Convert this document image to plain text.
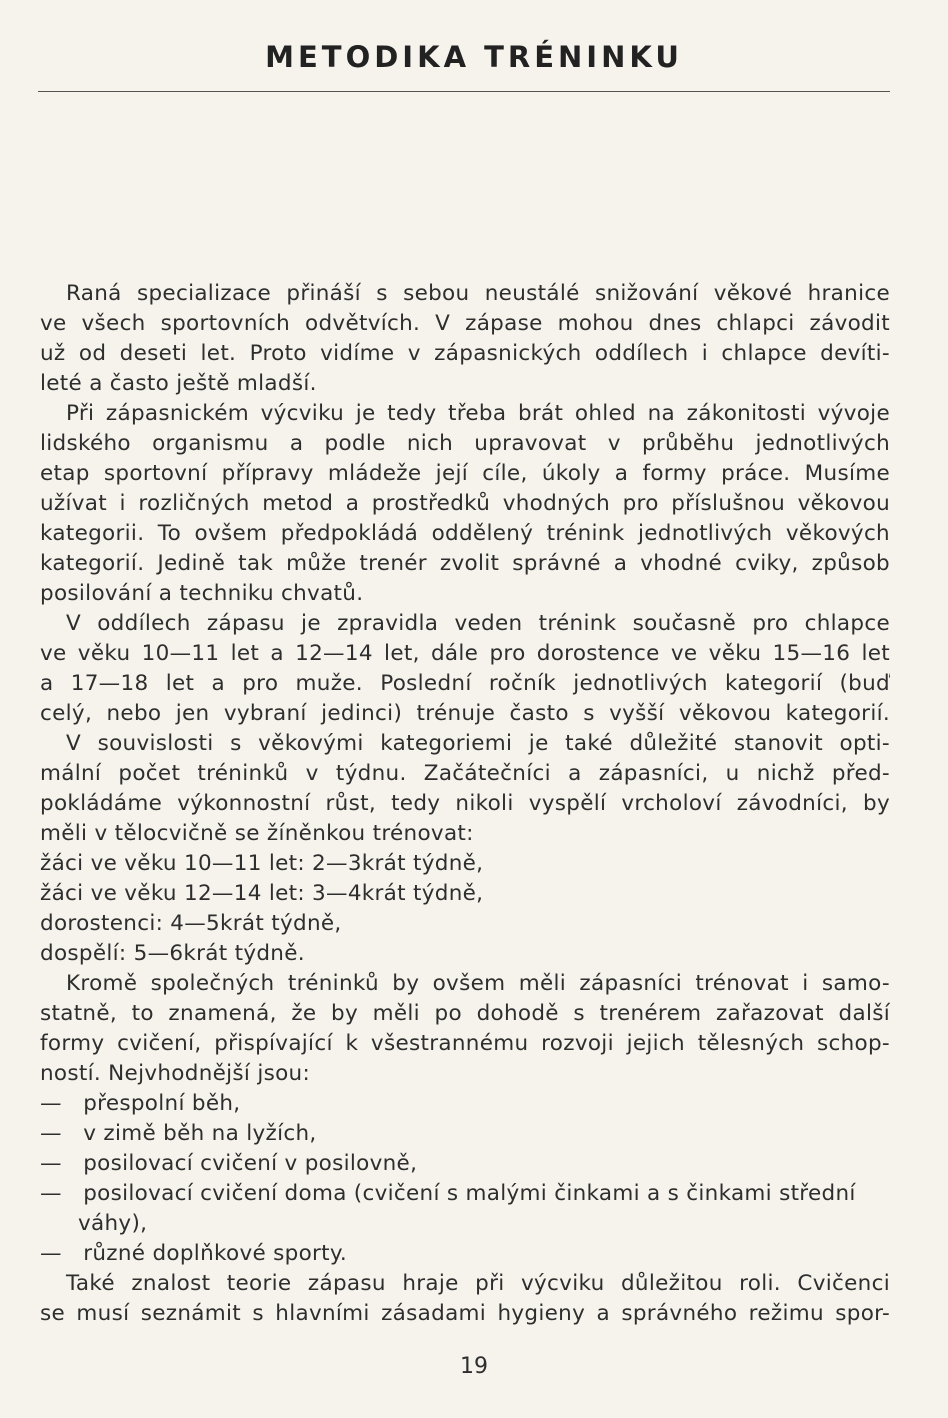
METODIKA TRÉNINKU
Raná specializace přináší s sebou neustálé snižování věkové hranice
ve všech sportovních odvětvích. V zápase mohou dnes chlapci závodit
už od deseti let. Proto vidíme v zápasnických oddílech i chlapce devíti-
leté a často ještě mladší.
Při zápasnickém výcviku je tedy třeba brát ohled na zákonitosti vývoje
lidského organismu a podle nich upravovat v průběhu jednotlivých
etap sportovní přípravy mládeže její cíle, úkoly a formy práce. Musíme
užívat i rozličných metod a prostředků vhodných pro příslušnou věkovou
kategorii. To ovšem předpokládá oddělený trénink jednotlivých věkových
kategorií. Jedině tak může trenér zvolit správné a vhodné cviky, způsob
posilování a techniku chvatů.
V oddílech zápasu je zpravidla veden trénink současně pro chlapce
ve věku 10—11 let a 12—14 let, dále pro dorostence ve věku 15—16 let
a 17—18 let a pro muže. Poslední ročník jednotlivých kategorií (buď
celý, nebo jen vybraní jedinci) trénuje často s vyšší věkovou kategorií.
V souvislosti s věkovými kategoriemi je také důležité stanovit opti-
mální počet tréninků v týdnu. Začátečníci a zápasníci, u nichž před-
pokládáme výkonnostní růst, tedy nikoli vyspělí vrcholoví závodníci, by
měli v tělocvičně se žíněnkou trénovat:
žáci ve věku 10—11 let: 2—3krát týdně,
žáci ve věku 12—14 let: 3—4krát týdně,
dorostenci: 4—5krát týdně,
dospělí: 5—6krát týdně.
Kromě společných tréninků by ovšem měli zápasníci trénovat i samo-
statně, to znamená, že by měli po dohodě s trenérem zařazovat další
formy cvičení, přispívající k všestrannému rozvoji jejich tělesných schop-
ností. Nejvhodnější jsou:
— přespolní běh,
— v zimě běh na lyžích,
— posilovací cvičení v posilovně,
— posilovací cvičení doma (cvičení s malými činkami a s činkami střední
váhy),
— různé doplňkové sporty.
Také znalost teorie zápasu hraje při výcviku důležitou roli. Cvičenci
se musí seznámit s hlavními zásadami hygieny a správného režimu spor-
19
